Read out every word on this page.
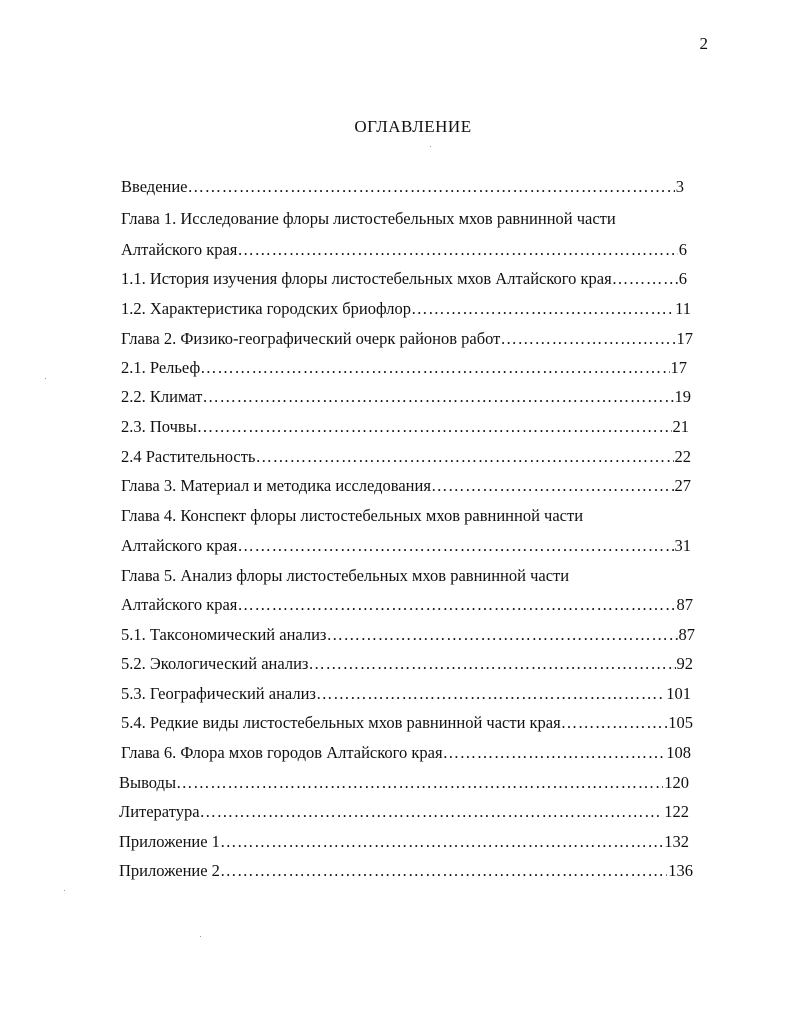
2
ОГЛАВЛЕНИЕ
Введение ……………………………………………………………………………………………………………………………………………………………………	3
Глава 1. Исследование флоры листостебельных мхов равнинной части
Алтайского края ……………………………………………………………………………………………………………………………………………………………………	6
1.1. История изучения флоры листостебельных мхов Алтайского края ……………………………………………………………………………………………………………………………………………………………………	6
1.2. Характеристика городских бриофлор ……………………………………………………………………………………………………………………………………………………………………	11
Глава 2. Физико-географический очерк районов работ ……………………………………………………………………………………………………………………………………………………………………	17
2.1. Рельеф ……………………………………………………………………………………………………………………………………………………………………	17
2.2. Климат ……………………………………………………………………………………………………………………………………………………………………	19
2.3. Почвы ……………………………………………………………………………………………………………………………………………………………………	21
2.4 Растительность ……………………………………………………………………………………………………………………………………………………………………	22
Глава 3. Материал и методика исследования ……………………………………………………………………………………………………………………………………………………………………	27
Глава 4. Конспект флоры листостебельных мхов равнинной части
Алтайского края ……………………………………………………………………………………………………………………………………………………………………	31
Глава 5. Анализ флоры листостебельных мхов равнинной части
Алтайского края ……………………………………………………………………………………………………………………………………………………………………	87
5.1. Таксономический анализ ……………………………………………………………………………………………………………………………………………………………………	87
5.2. Экологический анализ ……………………………………………………………………………………………………………………………………………………………………	92
5.3. Географический анализ ……………………………………………………………………………………………………………………………………………………………………	101
5.4. Редкие виды листостебельных мхов равнинной части края ……………………………………………………………………………………………………………………………………………………………………	105
Глава 6. Флора мхов городов Алтайского края ……………………………………………………………………………………………………………………………………………………………………	108
Выводы ……………………………………………………………………………………………………………………………………………………………………	120
Литература ……………………………………………………………………………………………………………………………………………………………………	122
Приложение 1 ……………………………………………………………………………………………………………………………………………………………………	132
Приложение 2 ……………………………………………………………………………………………………………………………………………………………………	136
